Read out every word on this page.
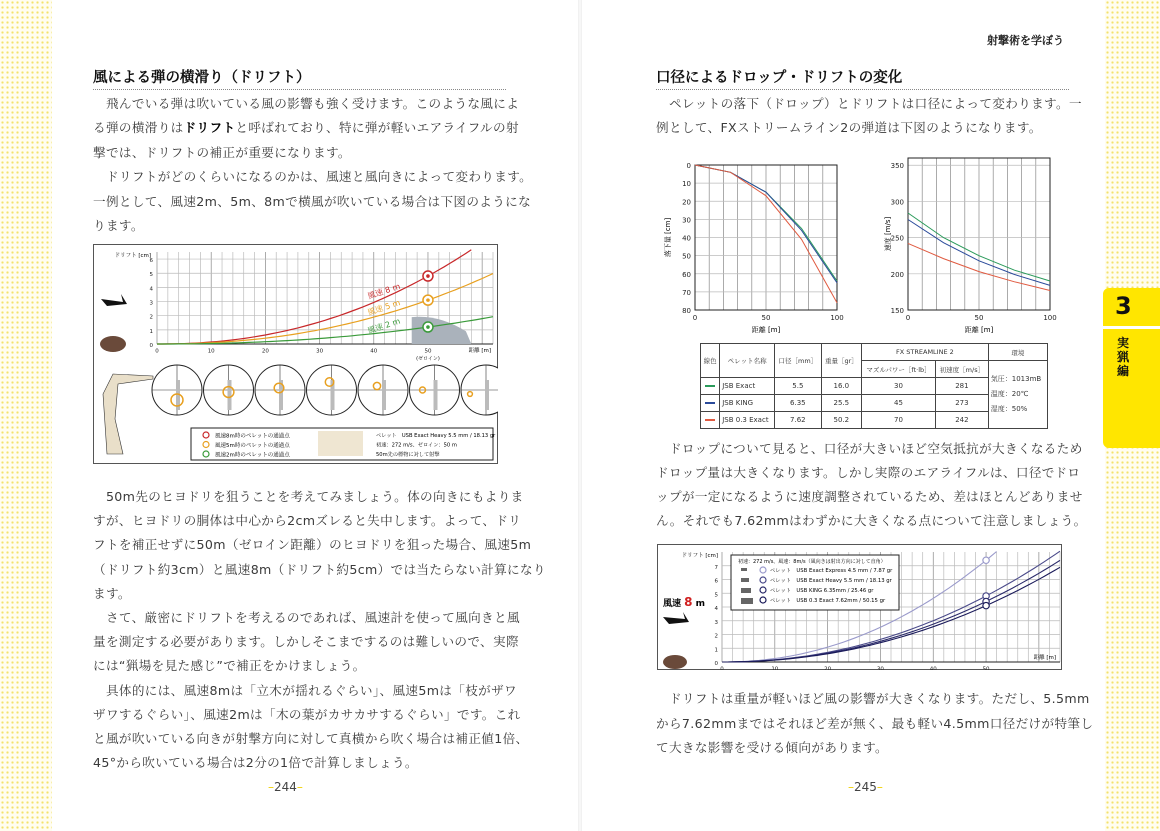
射撃術を学ぼう
3
実猟編
風による弾の横滑り（ドリフト）	口径によるドロップ・ドリフトの変化
　飛んでいる弾は吹いている風の影響も強く受けます。このような風によ
る弾の横滑りはドリフトと呼ばれており、特に弾が軽いエアライフルの射
撃では、ドリフトの補正が重要になります。
　ドリフトがどのくらいになるのかは、風速と風向きによって変わります。
一例として、風速2m、5m、8mで横風が吹いている場合は下図のようにな
ります。
　50m先のヒヨドリを狙うことを考えてみましょう。体の向きにもよりま
すが、ヒヨドリの胴体は中心から2cmズレると失中します。よって、ドリ
フトを補正せずに50m（ゼロイン距離）のヒヨドリを狙った場合、風速5m
（ドリフト約3cm）と風速8m（ドリフト約5cm）では当たらない計算になり
ます。
　さて、厳密にドリフトを考えるのであれば、風速計を使って風向きと風
量を測定する必要があります。しかしそこまでするのは難しいので、実際
には“猟場を見た感じ”で補正をかけましょう。
　具体的には、風速8mは「立木が揺れるぐらい」、風速5mは「枝がザワ
ザワするぐらい」、風速2mは「木の葉がカサカサするぐらい」です。これ
と風が吹いている向きが射撃方向に対して真横から吹く場合は補正値1倍、
45°から吹いている場合は2分の1倍で計算しましょう。
　ペレットの落下（ドロップ）とドリフトは口径によって変わります。一
例として、FXストリームライン2の弾道は下図のようになります。
　ドロップについて見ると、口径が大きいほど空気抵抗が大きくなるため
ドロップ量は大きくなります。しかし実際のエアライフルは、口径でドロ
ップが一定になるように速度調整されているため、差はほとんどありませ
ん。それでも7.62mmはわずかに大きくなる点について注意しましょう。
　ドリフトは重量が軽いほど風の影響が大きくなります。ただし、5.5mm
から7.62mmまではそれほど差が無く、最も軽い4.5mm口径だけが特筆し
て大きな影響を受ける傾向があります。
–244–	–245–
0	10	20	30	40	50
0
1
2
3
4
5
6
ドリフト [cm]
距離 [m]
(ゼロイン)
風速 8 m
風速 5 m
風速 2 m
風速8m時のペレットの通過点
風速5m時のペレットの通過点
風速2m時のペレットの通過点
ペレット　USB Exact Heavy 5.5 mm / 18.13 gr
初速：272 m/s、ゼロイン：50 m
50m先の標物に対して射撃
0	50	100
0
10
20
30
40
50
60
70
80
距離 [m]
落下量 [cm]
0	50	100
150
200
250
300
350
距離 [m]
速度 [m/s]
線色	ペレット名称	口径［mm］	重量［gr］	FX STREAMLINE 2		環境
				マズルパワー［ft·lb］	初速度［m/s］	気圧：1013mB
温度：20℃
湿度：50%

	JSB Exact	5.5	16.0	30	281	

	JSB KING	6.35	25.5	45	273	

	JSB 0.3 Exact	7.62	50.2	70	242	
0	10	20	30	40	50
0
1
2
3
4
5
6
7
ドリフト [cm]
距離 [m]
風速 8 m
初速：272 m/s、風速：8m/s（風向きは射出方向に対して直角）
ペレット　USB Exact Express 4.5 mm / 7.87 gr
ペレット　USB Exact Heavy 5.5 mm / 18.13 gr
ペレット　USB KING 6.35mm / 25.46 gr
ペレット　USB 0.3 Exact 7.62mm / 50.15 gr
